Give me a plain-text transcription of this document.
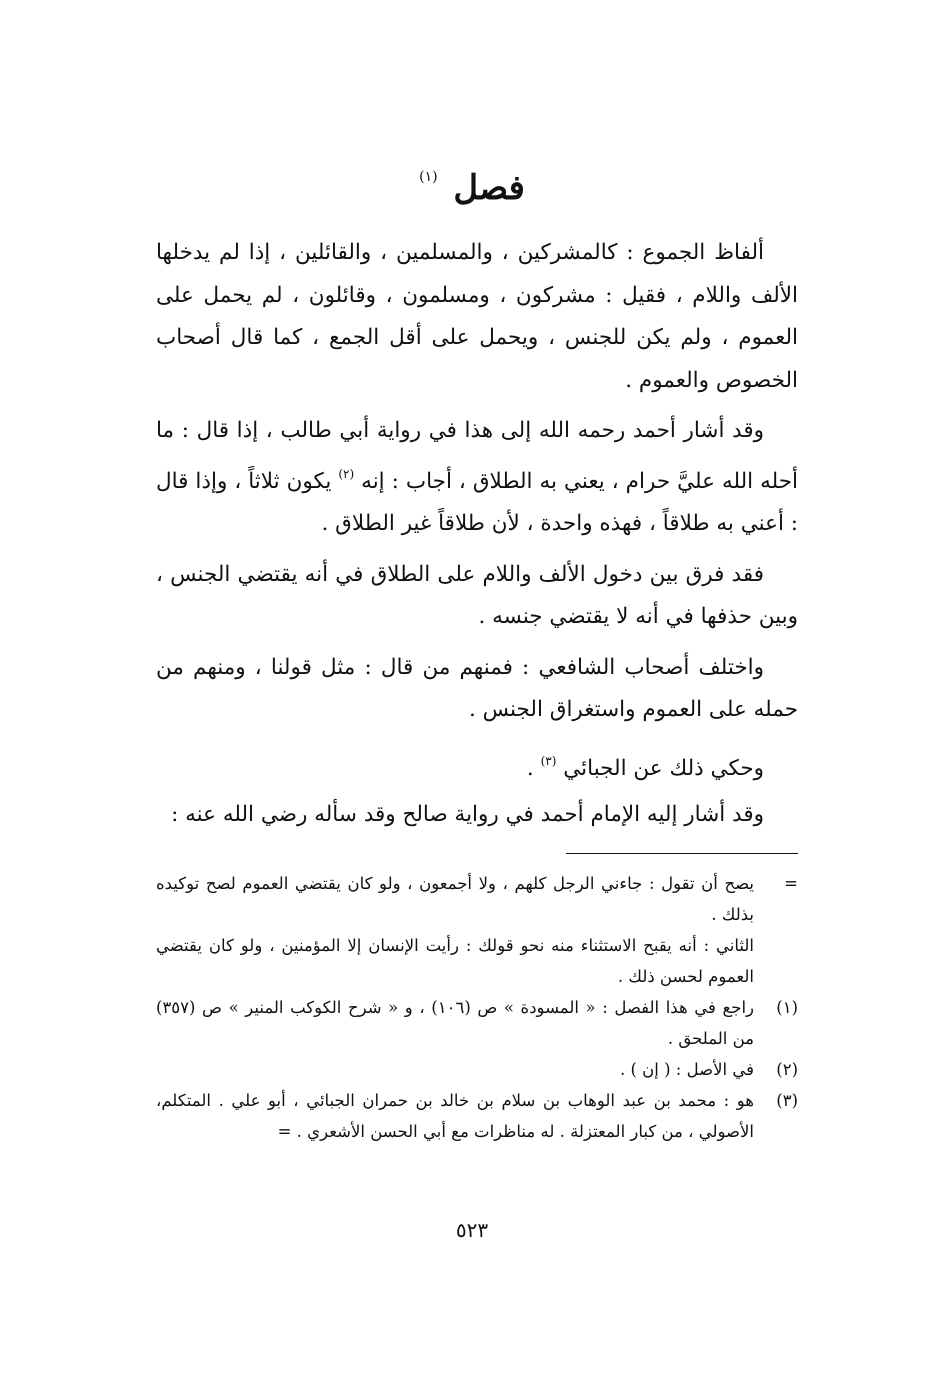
فصل $^{(١)}$

ألفاظ الجموع : كالمشركين ، والمسلمين ، والقائلين ، إذا لم يدخلها الألف واللام ، فقيل : مشركون ، ومسلمون ، وقائلون ، لم يحمل على العموم ، ولم يكن للجنس ، ويحمل على أقل الجمع ، كما قال أصحاب الخصوص والعموم .

وقد أشار أحمد رحمه الله إلى هذا في رواية أبي طالب ، إذا قال : ما أحله الله عليَّ حرام ، يعني به الطلاق ، أجاب : إنه $^{(٢)}$ يكون ثلاثاً ، وإذا قال : أعني به طلاقاً ، فهذه واحدة ، لأن طلاقاً غير الطلاق .

فقد فرق بين دخول الألف واللام على الطلاق في أنه يقتضي الجنس ، وبين حذفها في أنه لا يقتضي جنسه .

واختلف أصحاب الشافعي : فمنهم من قال : مثل قولنا ، ومنهم من حمله على العموم واستغراق الجنس .

وحكي ذلك عن الجبائي $^{(٣)}$ .

وقد أشار إليه الإمام أحمد في رواية صالح وقد سأله رضي الله عنه :

=
يصح أن تقول : جاءني الرجل كلهم ، ولا أجمعون ، ولو كان يقتضي العموم لصح توكيده بذلك .
الثاني : أنه يقبح الاستثناء منه نحو قولك : رأيت الإنسان إلا المؤمنين ، ولو كان يقتضي العموم لحسن ذلك .
(١)
راجع في هذا الفصل : « المسودة » ص (١٠٦) ، و « شرح الكوكب المنير » ص (٣٥٧) من الملحق .
(٢)
في الأصل : ( إن ) .
(٣)
هو : محمد بن عبد الوهاب بن سلام بن خالد بن حمران الجبائي ، أبو علي . المتكلم، الأصولي ، من كبار المعتزلة . له مناظرات مع أبي الحسن الأشعري . =
٥٢٣
